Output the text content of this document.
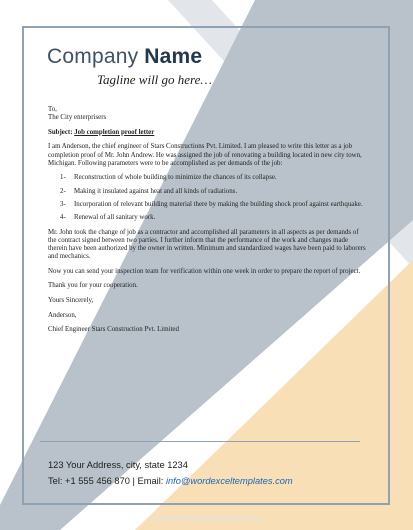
Company Name
Tagline will go here…

To,
The City enterprisers

Subject: Job completion proof letter

I am Anderson, the chief engineer of Stars Constructions Pvt. Limited. I am pleased to write this letter as a job completion proof of Mr. John Andrew. He was assigned the job of renovating a building located in new city town, Michigan. Following parameters were to be accomplished as per demands of the job:

1-	Reconstruction of whole building to minimize the chances of its collapse.
2-	Making it insulated against heat and all kinds of radiations.
3-	Incorporation of relevant building material there by making the building shock proof against earthquake.
4-	Renewal of all sanitary work.

Mr. John took the change of job as a contractor and accomplished all parameters in all aspects as per demands of the contract signed between two parties. I further inform that the performance of the work and changes made therein have been authorized by the owner in written. Minimum and standardized wages have been paid to laborers and mechanics.

Now you can send your inspection team for verification within one week in order to prepare the report of project.

Thank you for your cooperation.

Yours Sincerely,

Anderson,

Chief Engineer Stars Construction Pvt. Limited

123 Your Address, city, state 1234
Tel: +1 555 456 870 | Email: info@wordexceltemplates.com
wordletterheadtemplates.com
